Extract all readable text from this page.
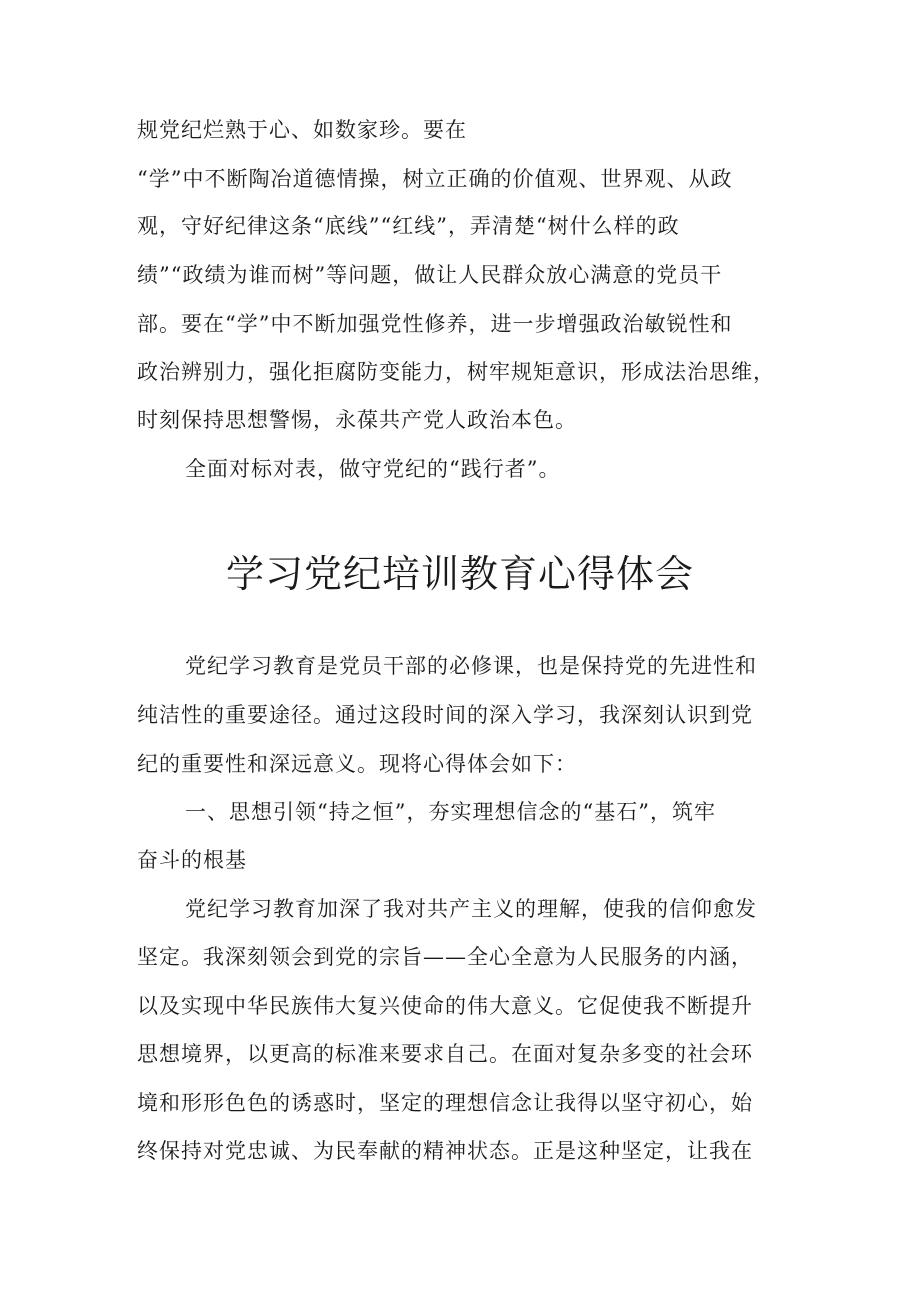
规党纪烂熟于心、如数家珍。要在
“学”中不断陶冶道德情操，树立正确的价值观、世界观、从政
观，守好纪律这条“底线”“红线”，弄清楚“树什么样的政
绩”“政绩为谁而树”等问题，做让人民群众放心满意的党员干
部。要在“学”中不断加强党性修养，进一步增强政治敏锐性和
政治辨别力，强化拒腐防变能力，树牢规矩意识，形成法治思维，
时刻保持思想警惕，永葆共产党人政治本色。
全面对标对表，做守党纪的“践行者”。
学习党纪培训教育心得体会
党纪学习教育是党员干部的必修课，也是保持党的先进性和
纯洁性的重要途径。通过这段时间的深入学习，我深刻认识到党
纪的重要性和深远意义。现将心得体会如下：
一、思想引领“持之恒”，夯实理想信念的“基石”，筑牢
奋斗的根基
党纪学习教育加深了我对共产主义的理解，使我的信仰愈发
坚定。我深刻领会到党的宗旨——全心全意为人民服务的内涵，
以及实现中华民族伟大复兴使命的伟大意义。它促使我不断提升
思想境界，以更高的标准来要求自己。在面对复杂多变的社会环
境和形形色色的诱惑时，坚定的理想信念让我得以坚守初心，始
终保持对党忠诚、为民奉献的精神状态。正是这种坚定，让我在
